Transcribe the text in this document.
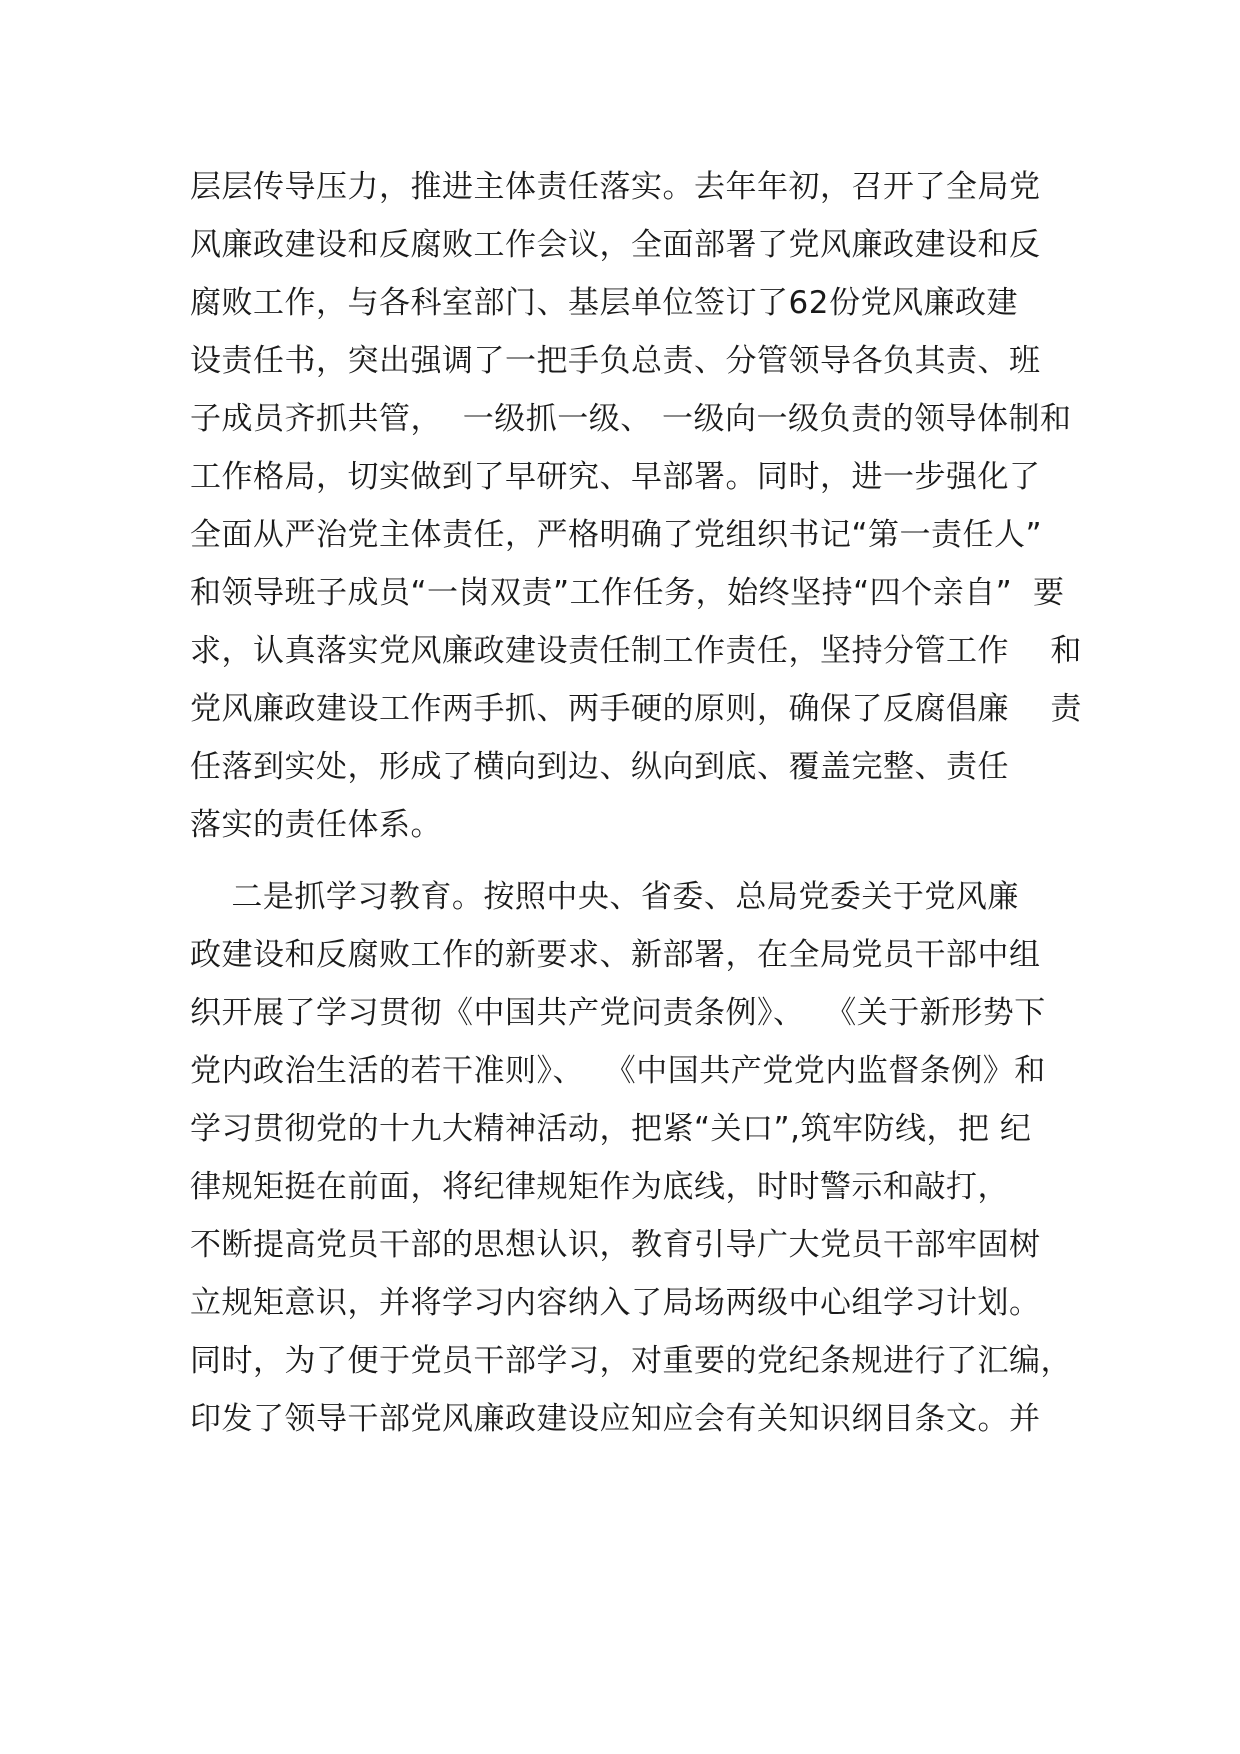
层层传导压力，推进主体责任落实。去年年初，召开了全局党
风廉政建设和反腐败工作会议，全面部署了党风廉政建设和反
腐败工作，与各科室部门、基层单位签订了62份党风廉政建
设责任书，突出强调了一把手负总责、分管领导各负其责、班
子成员齐抓共管，  一级抓一级、 一级向一级负责的领导体制和
工作格局，切实做到了早研究、早部署。同时，进一步强化了
全面从严治党主体责任，严格明确了党组织书记“第一责任人”
和领导班子成员“一岗双责”工作任务，始终坚持“四个亲自”  要
求，认真落实党风廉政建设责任制工作责任，坚持分管工作    和
党风廉政建设工作两手抓、两手硬的原则，确保了反腐倡廉    责
任落到实处，形成了横向到边、纵向到底、覆盖完整、责任
落实的责任体系。
二是抓学习教育。按照中央、省委、总局党委关于党风廉
政建设和反腐败工作的新要求、新部署，在全局党员干部中组
织开展了学习贯彻《中国共产党问责条例》、  《关于新形势下
党内政治生活的若干准则》、  《中国共产党党内监督条例》和
学习贯彻党的十九大精神活动，把紧“关口”,筑牢防线，把 纪
律规矩挺在前面，将纪律规矩作为底线，时时警示和敲打，
不断提高党员干部的思想认识，教育引导广大党员干部牢固树
立规矩意识，并将学习内容纳入了局场两级中心组学习计划。
同时，为了便于党员干部学习，对重要的党纪条规进行了汇编，
印发了领导干部党风廉政建设应知应会有关知识纲目条文。并
